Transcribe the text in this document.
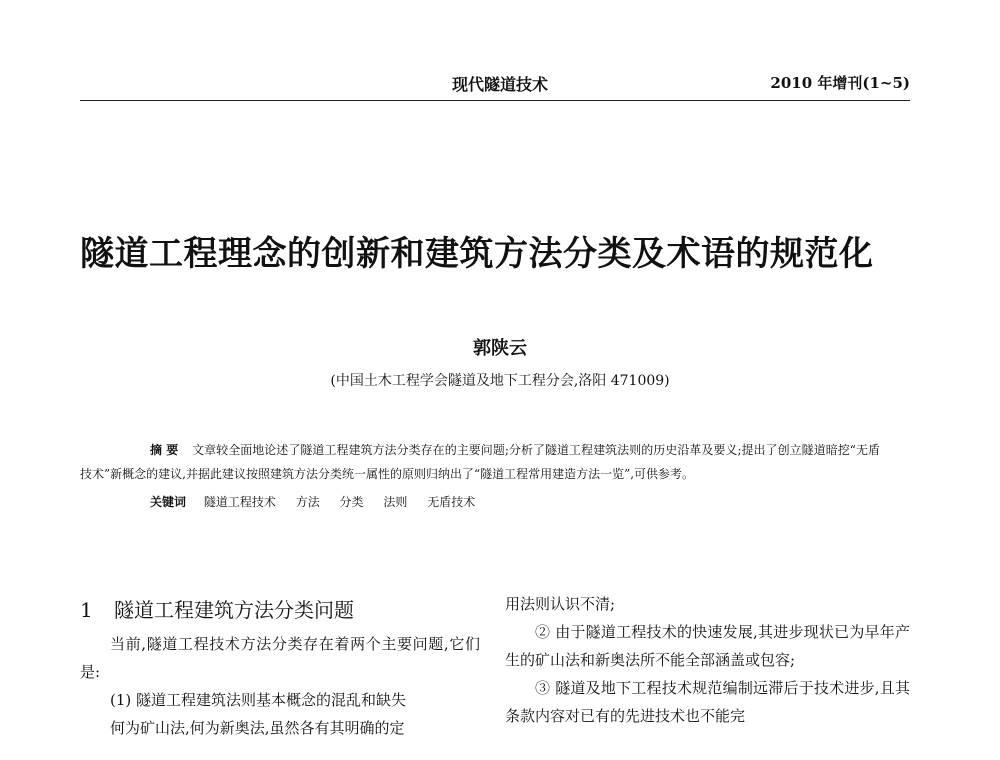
现代隧道技术	2010 年增刊(1~5)
隧道工程理念的创新和建筑方法分类及术语的规范化
郭陕云
(中国土木工程学会隧道及地下工程分会,洛阳 471009)

摘 要 文章较全面地论述了隧道工程建筑方法分类存在的主要问题;分析了隧道工程建筑法则的历史沿革及要义;提出了创立隧道暗挖“无盾技术”新概念的建议,并据此建议按照建筑方法分类统一属性的原则归纳出了“隧道工程常用建造方法一览”,可供参考。

关键词 隧道工程技术 方法 分类 法则 无盾技术

1 隧道工程建筑方法分类问题

当前,隧道工程技术方法分类存在着两个主要问题,它们是:

(1) 隧道工程建筑法则基本概念的混乱和缺失

何为矿山法,何为新奥法,虽然各有其明确的定

用法则认识不清;

② 由于隧道工程技术的快速发展,其进步现状已为早年产生的矿山法和新奥法所不能全部涵盖或包容;

③ 隧道及地下工程技术规范编制远滞后于技术进步,且其条款内容对已有的先进技术也不能完
